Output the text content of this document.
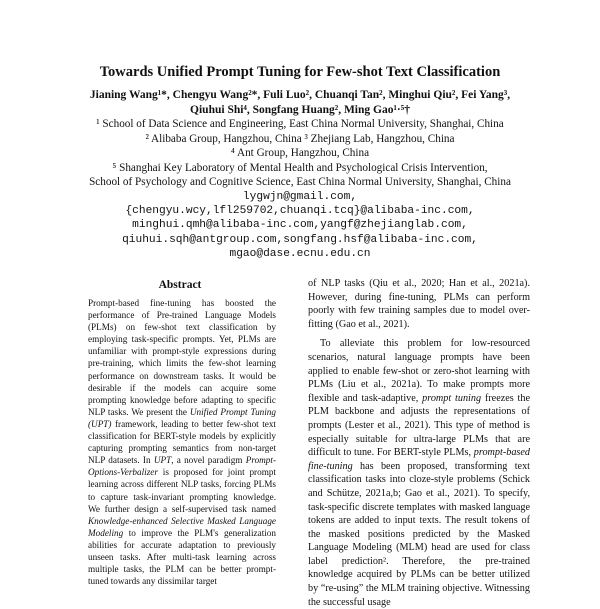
Towards Unified Prompt Tuning for Few-shot Text Classification
Jianing Wang¹*, Chengyu Wang²*, Fuli Luo², Chuanqi Tan², Minghui Qiu², Fei Yang³,
Qiuhui Shi⁴, Songfang Huang², Ming Gao¹·⁵†
¹ School of Data Science and Engineering, East China Normal University, Shanghai, China
² Alibaba Group, Hangzhou, China ³ Zhejiang Lab, Hangzhou, China
⁴ Ant Group, Hangzhou, China
⁵ Shanghai Key Laboratory of Mental Health and Psychological Crisis Intervention,
School of Psychology and Cognitive Science, East China Normal University, Shanghai, China
lygwjn@gmail.com,
{chengyu.wcy,lfl259702,chuanqi.tcq}@alibaba-inc.com,
minghui.qmh@alibaba-inc.com,yangf@zhejianglab.com,
qiuhui.sqh@antgroup.com,songfang.hsf@alibaba-inc.com,
mgao@dase.ecnu.edu.cn
Abstract
Prompt-based fine-tuning has boosted the performance of Pre-trained Language Models (PLMs) on few-shot text classification by employing task-specific prompts. Yet, PLMs are unfamiliar with prompt-style expressions during pre-training, which limits the few-shot learning performance on downstream tasks. It would be desirable if the models can acquire some prompting knowledge before adapting to specific NLP tasks. We present the Unified Prompt Tuning (UPT) framework, leading to better few-shot text classification for BERT-style models by explicitly capturing prompting semantics from non-target NLP datasets. In UPT, a novel paradigm Prompt-Options-Verbalizer is proposed for joint prompt learning across different NLP tasks, forcing PLMs to capture task-invariant prompting knowledge. We further design a self-supervised task named Knowledge-enhanced Selective Masked Language Modeling to improve the PLM's generalization abilities for accurate adaptation to previously unseen tasks. After multi-task learning across multiple tasks, the PLM can be better prompt-tuned towards any dissimilar target

of NLP tasks (Qiu et al., 2020; Han et al., 2021a). However, during fine-tuning, PLMs can perform poorly with few training samples due to model over-fitting (Gao et al., 2021).

To alleviate this problem for low-resourced scenarios, natural language prompts have been applied to enable few-shot or zero-shot learning with PLMs (Liu et al., 2021a). To make prompts more flexible and task-adaptive, prompt tuning freezes the PLM backbone and adjusts the representations of prompts (Lester et al., 2021). This type of method is especially suitable for ultra-large PLMs that are difficult to tune. For BERT-style PLMs, prompt-based fine-tuning has been proposed, transforming text classification tasks into cloze-style problems (Schick and Schütze, 2021a,b; Gao et al., 2021). To specify, task-specific discrete templates with masked language tokens are added to input texts. The result tokens of the masked positions predicted by the Masked Language Modeling (MLM) head are used for class label prediction². Therefore, the pre-trained knowledge acquired by PLMs can be better utilized by “re-using” the MLM training objective. Witnessing the successful usage
